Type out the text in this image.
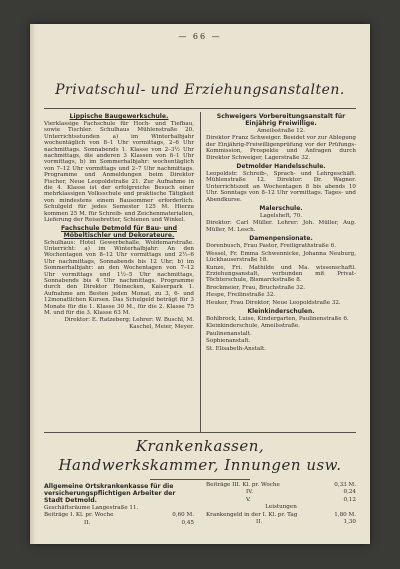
— 66 —
Privatschul- und Erziehungsanstalten.
Lippische Baugewerkschule.

Vierklassige Fachschule für Hoch- und Tiefbau, sowie Tischler. Schulhaus Mühlenstraße 20. Unterrichtsstunden a) im Winterhalbjahr wochentäglich von 8–1 Uhr vormittags, 2–6 Uhr nachmittags. Sonnabends 1. Klasse von 2–3½ Uhr nachmittags, die anderen 3 Klassen von 8–1 Uhr vormittags, b) im Sommerhalbjahr: wochentäglich von 7–12 Uhr vormittags und 2–7 Uhr nachmittags. Programme und Anmeldungen beim Direktor Fischer, Neue Leopoldstraße 21. Zur Aufnahme in die 4. Klasse ist der erfolgreiche Besuch einer mehrklassigen Volksschule und praktische Tätigkeit von mindestens einem Bausommer erforderlich. Schulgeld für jedes Semester 125 M. Hierzu kommen 25 M. für Schreib- und Zeichenmaterialien, Lieferung der Reisebretter, Schienen und Winkel.

Fachschule Detmold für Bau- und Möbeltischler und Dekorateure.

Schulhaus: Hotel Gewerbehalle, Woldemarstraße. Unterricht: a) im Winterhalbjahr: An den Wochentagen von 8–12 Uhr vormittags und 2½–6 Uhr nachmittags, Sonnabends bis 12 Uhr; b) im Sommerhalbjahr: an den Wochentagen von 7–12 Uhr vormittags und 1½–5 Uhr nachmittags, Sonnabends bis 4 Uhr nachmittags. Programme durch den Direktor Heinecken, Kaiserpark 1. Aufnahme am Besten jeden Monat, zu 3, 6- und 12monatlichen Kursen. Das Schulgeld beträgt für 3 Monate für die 1. Klasse 30 M., für die 2. Klasse 75 M. und für die 3. Klasse 63 M.

Direktor: E. Ratzeberg; Lehrer: W. Buschl, M. Kaschel, Meier, Meyer.

Schweigers Vorbereitungsanstalt für Einjährig Freiwillige.

Ameilsstraße 12.

Direktor Franz Schweiger. Beeidet vor zur Ablegung der Einjährig-Freiwilligenprüfung vor der Prüfungs-Kommission, Prospekte und Anfragen durch Direktor Schweiger, Lagerstraße 32.

Detmolder Handelsschule.

Leopoldstr. Schreib-, Sprach- und Lehrgeschäft. Mühlenstraße 12. Direktor: Dr. Wagner. Unterrichtszeit an Wochentagen 8 bis abends 10 Uhr. Sonntags von 8–12 Uhr vormittags. Tages- und Abendkurse.

Malerschule.

Lagelsheft, 70.

Direktor: Carl Müller. Lehrer: Joh. Müller, Aug. Müller, M. Lesch.

Damenpensionate.

Dorenbusch, Frau Pastor, Freiligrathstraße 6.

Wessel, Fr. Emma Schwennicke, Johanna Neuburg, Lückhauserstraße 18.

Kunze, Fri. Mathilde und Ma. wissenschaftl. Erziehungsanstalt, verbunden mit Privat-Töchterschule, Bismarckstraße 8.

Brockmeier, Frau, Bruchstraße 32.

Hespe, Freilinstraße 32.

Heuker, Frau Direktor, Neue Leopoldstraße 32.

Kleinkinderschulen.

Bohlbrock, Luise, Kindergarten, Paulinenstraße 6.

Kleinkinderschule, Ameilsstraße.

Paulinenanstalt.

Sophienanstalt.

St. Elisabeth-Anstalt.

Krankenkassen,
Handwerkskammer, Innungen usw.
Allgemeine Ortskrankenkasse für die versicherungspflichtigen Arbeiter der Stadt Detmold.

Geschäftsräume Langestraße 11.

Beiträge I. Kl. pr. Woche	0,60 M.

II.	0,45

Beiträge III. Kl. pr. Woche	0,33 M.

IV.	0,24

V.	0,12

Leistungen

Krankengeld in der I. Kl. pr. Tag	1,80 M.

II.	1,30
